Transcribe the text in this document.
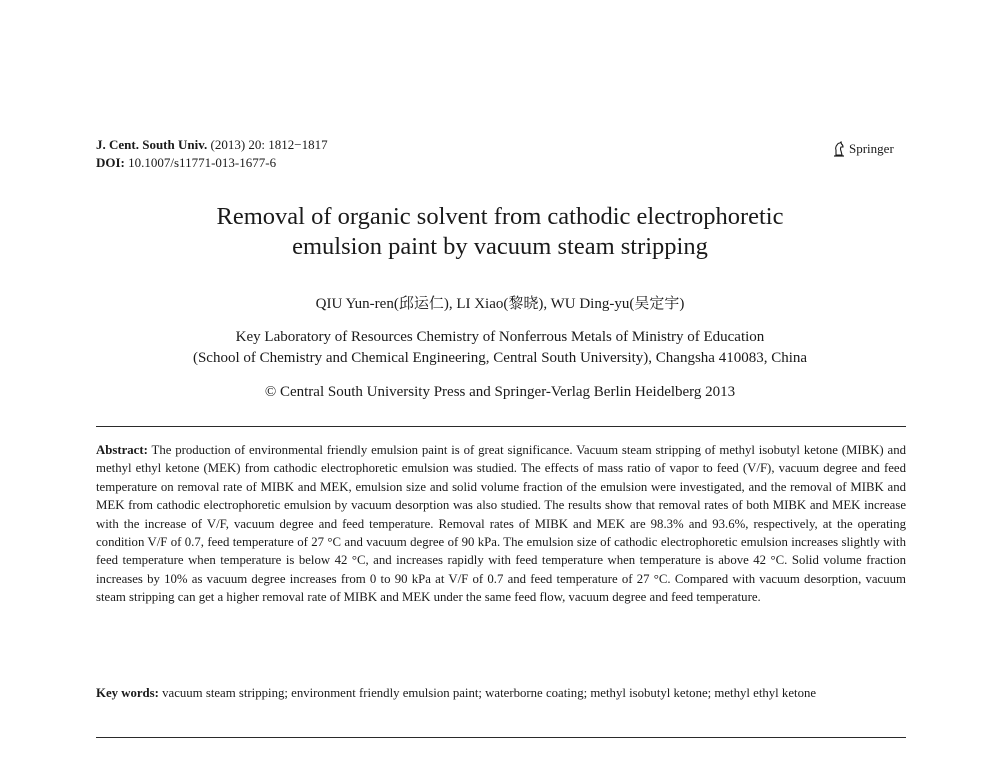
J. Cent. South Univ. (2013) 20: 1812−1817
DOI: 10.1007/s11771-013-1677-6
Springer
Removal of organic solvent from cathodic electrophoretic
emulsion paint by vacuum steam stripping
QIU Yun-ren(邱运仁), LI Xiao(黎晓), WU Ding-yu(吴定宇)
Key Laboratory of Resources Chemistry of Nonferrous Metals of Ministry of Education
(School of Chemistry and Chemical Engineering, Central South University), Changsha 410083, China
© Central South University Press and Springer-Verlag Berlin Heidelberg 2013
Abstract: The production of environmental friendly emulsion paint is of great significance. Vacuum steam stripping of methyl isobutyl ketone (MIBK) and methyl ethyl ketone (MEK) from cathodic electrophoretic emulsion was studied. The effects of mass ratio of vapor to feed (V/F), vacuum degree and feed temperature on removal rate of MIBK and MEK, emulsion size and solid volume fraction of the emulsion were investigated, and the removal of MIBK and MEK from cathodic electrophoretic emulsion by vacuum desorption was also studied. The results show that removal rates of both MIBK and MEK increase with the increase of V/F, vacuum degree and feed temperature. Removal rates of MIBK and MEK are 98.3% and 93.6%, respectively, at the operating condition V/F of 0.7, feed temperature of 27 °C and vacuum degree of 90 kPa. The emulsion size of cathodic electrophoretic emulsion increases slightly with feed temperature when temperature is below 42 °C, and increases rapidly with feed temperature when temperature is above 42 °C. Solid volume fraction increases by 10% as vacuum degree increases from 0 to 90 kPa at V/F of 0.7 and feed temperature of 27 °C. Compared with vacuum desorption, vacuum steam stripping can get a higher removal rate of MIBK and MEK under the same feed flow, vacuum degree and feed temperature.
Key words: vacuum steam stripping; environment friendly emulsion paint; waterborne coating; methyl isobutyl ketone; methyl ethyl ketone
